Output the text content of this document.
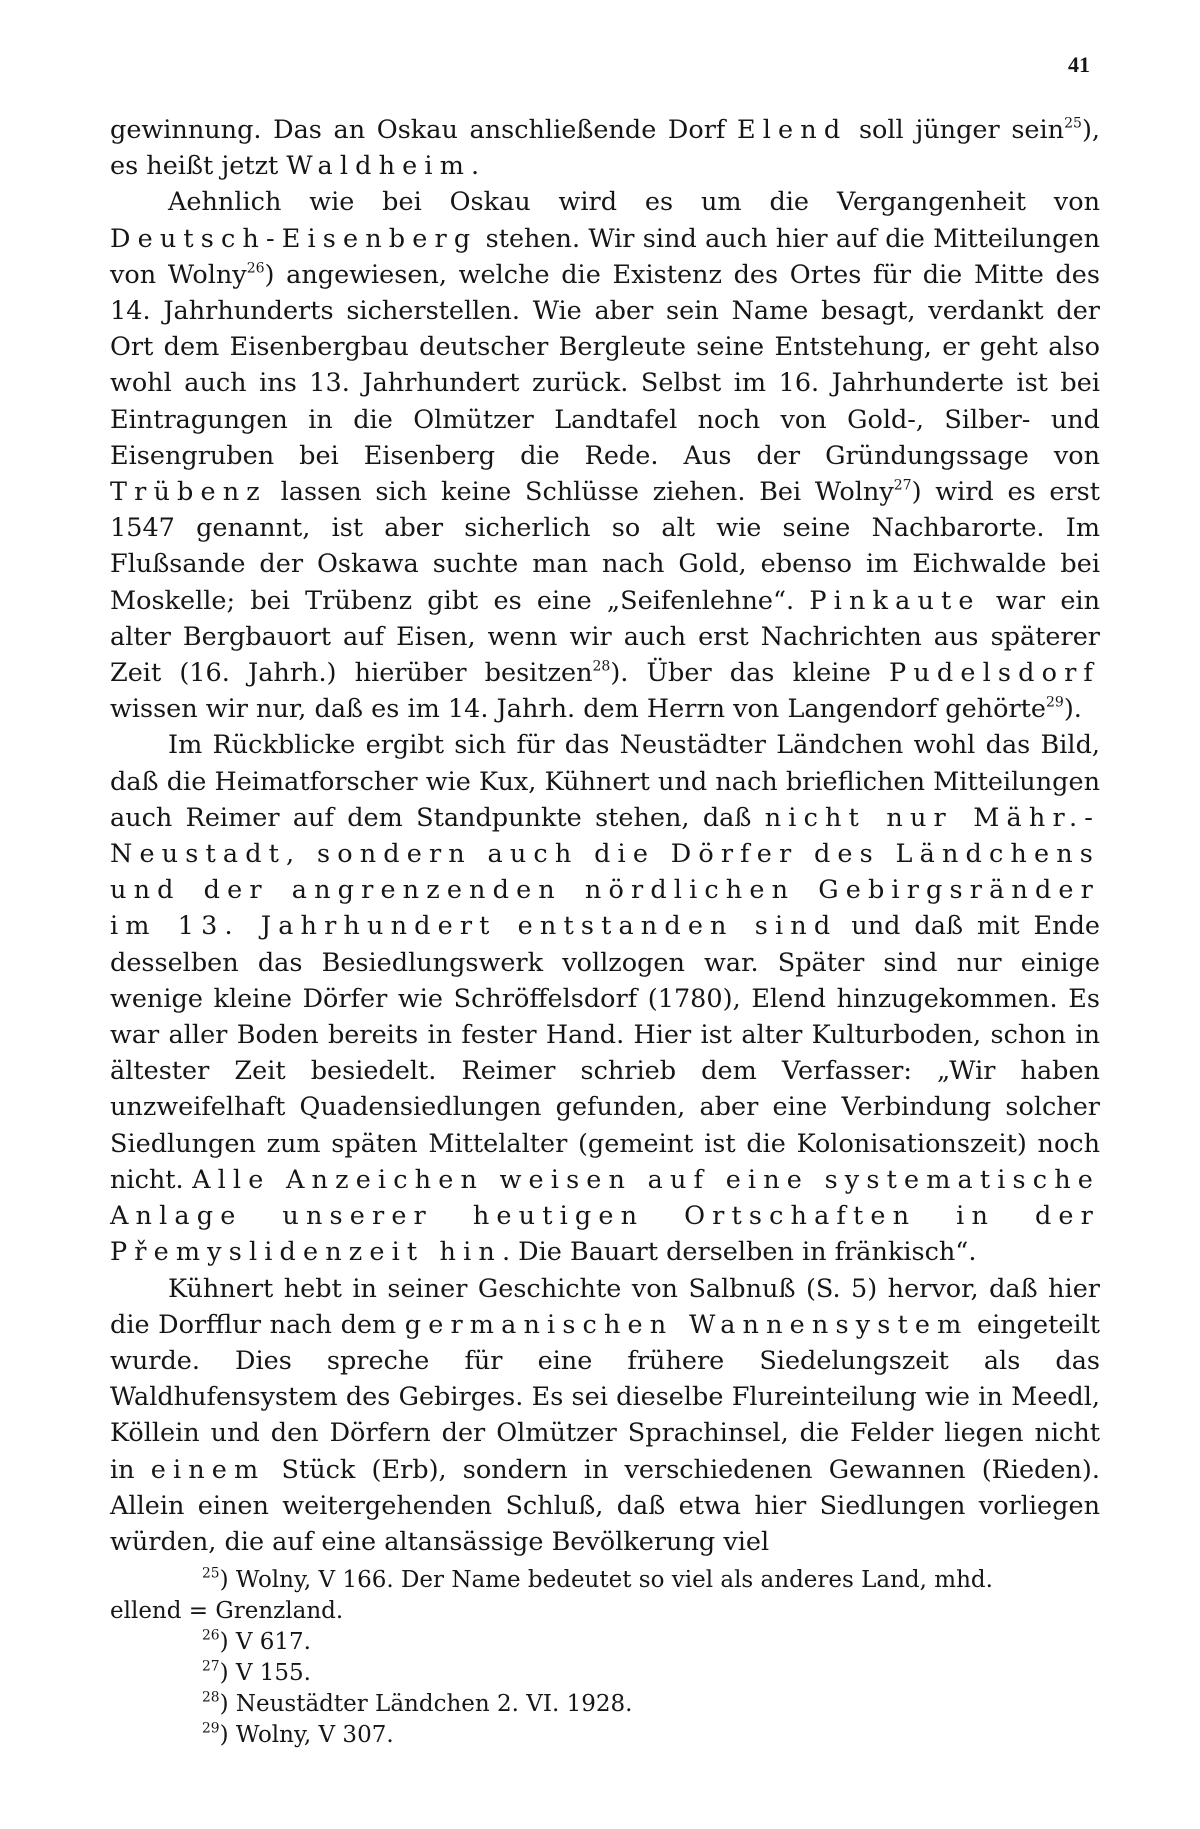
41

gewinnung. Das an Oskau anschließende Dorf Elend soll jünger sein$^{25}$), es heißt jetzt Waldheim.

Aehnlich wie bei Oskau wird es um die Vergangenheit von Deutsch-Eisenberg stehen. Wir sind auch hier auf die Mitteilungen von Wolny$^{26}$) angewiesen, welche die Existenz des Ortes für die Mitte des 14. Jahrhunderts sicherstellen. Wie aber sein Name besagt, verdankt der Ort dem Eisenbergbau deutscher Bergleute seine Entstehung, er geht also wohl auch ins 13. Jahrhundert zurück. Selbst im 16. Jahrhunderte ist bei Eintragungen in die Olmützer Landtafel noch von Gold-, Silber- und Eisengruben bei Eisenberg die Rede. Aus der Gründungssage von Trübenz lassen sich keine Schlüsse ziehen. Bei Wolny$^{27}$) wird es erst 1547 genannt, ist aber sicherlich so alt wie seine Nachbarorte. Im Flußsande der Oskawa suchte man nach Gold, ebenso im Eichwalde bei Moskelle; bei Trübenz gibt es eine „Seifenlehne“. Pinkaute war ein alter Bergbauort auf Eisen, wenn wir auch erst Nachrichten aus späterer Zeit (16. Jahrh.) hierüber besitzen$^{28}$). Über das kleine Pudelsdorf wissen wir nur, daß es im 14. Jahrh. dem Herrn von Langendorf gehörte$^{29}$).

Im Rückblicke ergibt sich für das Neustädter Ländchen wohl das Bild, daß die Heimatforscher wie Kux, Kühnert und nach brieflichen Mitteilungen auch Reimer auf dem Standpunkte stehen, daß nicht nur Mähr.-Neustadt, sondern auch die Dörfer des Ländchens und der angrenzenden nördlichen Gebirgsränder im 13. Jahrhundert entstanden sind und daß mit Ende desselben das Besiedlungswerk vollzogen war. Später sind nur einige wenige kleine Dörfer wie Schröffelsdorf (1780), Elend hinzugekommen. Es war aller Boden bereits in fester Hand. Hier ist alter Kulturboden, schon in ältester Zeit besiedelt. Reimer schrieb dem Verfasser: „Wir haben unzweifelhaft Quadensiedlungen gefunden, aber eine Verbindung solcher Siedlungen zum späten Mittelalter (gemeint ist die Kolonisationszeit) noch nicht. Alle Anzeichen weisen auf eine systematische Anlage unserer heutigen Ortschaften in der Přemyslidenzeit hin. Die Bauart derselben in fränkisch“.

Kühnert hebt in seiner Geschichte von Salbnuß (S. 5) hervor, daß hier die Dorfflur nach dem germanischen Wannensystem eingeteilt wurde. Dies spreche für eine frühere Siedelungszeit als das Waldhufensystem des Gebirges. Es sei dieselbe Flureinteilung wie in Meedl, Köllein und den Dörfern der Olmützer Sprachinsel, die Felder liegen nicht in einem Stück (Erb), sondern in verschiedenen Gewannen (Rieden). Allein einen weitergehenden Schluß, daß etwa hier Siedlungen vorliegen würden, die auf eine altansässige Bevölkerung viel

$^{25}$) Wolny, V 166. Der Name bedeutet so viel als anderes Land, mhd.

ellend = Grenzland.

$^{26}$) V 617.

$^{27}$) V 155.

$^{28}$) Neustädter Ländchen 2. VI. 1928.

$^{29}$) Wolny, V 307.
